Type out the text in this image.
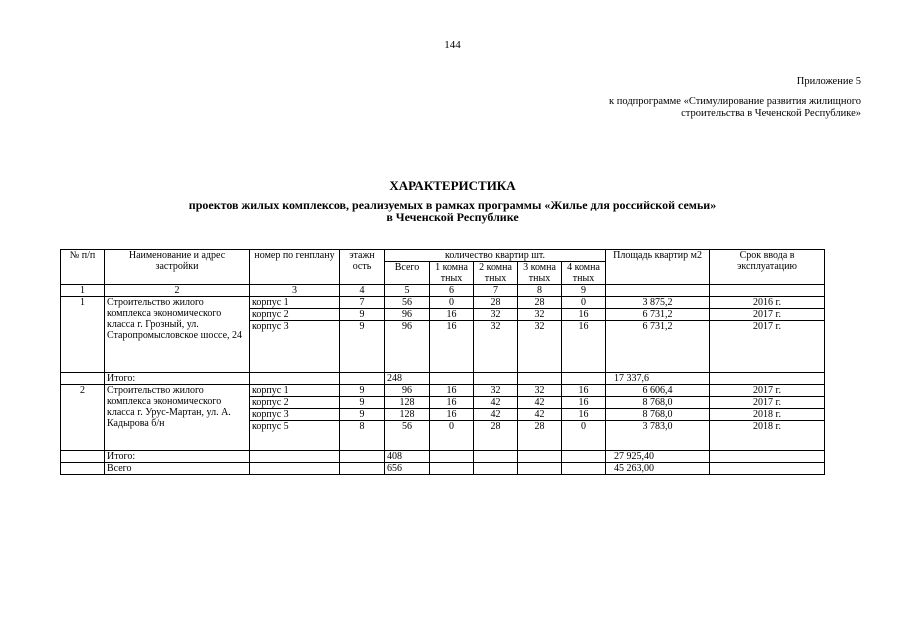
144
Приложение 5
к подпрограмме «Стимулирование развития жилищного
строительства в Чеченской Республике»
ХАРАКТЕРИСТИКА
проектов жилых комплексов, реализуемых в рамках программы «Жилье для российской семьи»
в Чеченской Республике
№ п/п	Наименование и адрес застройки	номер по генплану	этажн ость	количество квартир шт.					Площадь квартир м2	Срок ввода в эксплуатацию
				Всего	1 комна тных	2 комна тных	3 комна тных	4 комна тных		
1	2	3	4	5	6	7	8	9		
1	Строительство жилого комплекса экономического класса г. Грозный, ул. Старопромысловское шоссе, 24	корпус 1	7	56	0	28	28	0	3 875,2	2016 г.
		корпус 2	9	96	16	32	32	16	6 731,2	2017 г.
		корпус 3	9	96	16	32	32	16	6 731,2	2017 г.
	Итого:			248					17 337,6	
2	Строительство жилого комплекса экономического класса г. Урус-Мартан, ул. А. Кадырова б/н	корпус 1	9	96	16	32	32	16	6 606,4	2017 г.
		корпус 2	9	128	16	42	42	16	8 768,0	2017 г.
		корпус 3	9	128	16	42	42	16	8 768,0	2018 г.
		корпус 5	8	56	0	28	28	0	3 783,0	2018 г.
	Итого:			408					27 925,40	
	Всего			656					45 263,00	
